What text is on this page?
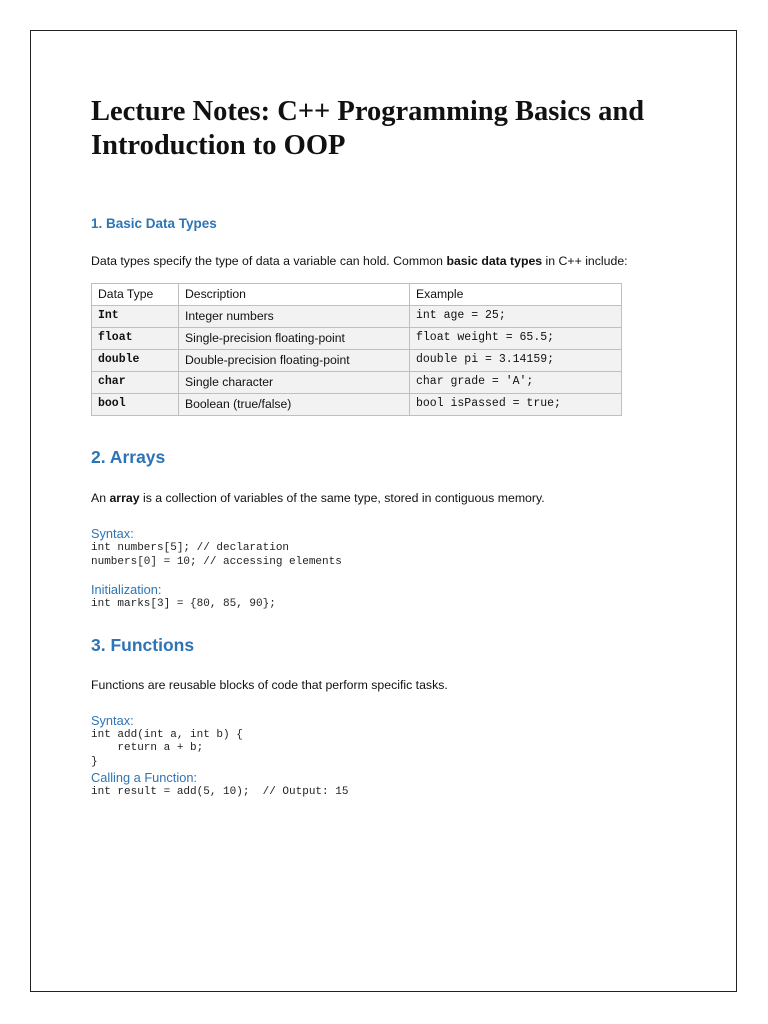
Lecture Notes: C++ Programming Basics and
Introduction to OOP
1. Basic Data Types

Data types specify the type of data a variable can hold. Common basic data types in C++ include:

Data Type	Description	Example
Int	Integer numbers	int age = 25;
float	Single-precision floating-point	float weight = 65.5;
double	Double-precision floating-point	double pi = 3.14159;
char	Single character	char grade = 'A';
bool	Boolean (true/false)	bool isPassed = true;
2. Arrays

An array is a collection of variables of the same type, stored in contiguous memory.

Syntax:

int numbers[5]; // declaration
numbers[0] = 10; // accessing elements

Initialization:

int marks[3] = {80, 85, 90};
3. Functions

Functions are reusable blocks of code that perform specific tasks.

Syntax:

int add(int a, int b) {
return a + b;
}

Calling a Function:

int result = add(5, 10);  // Output: 15
